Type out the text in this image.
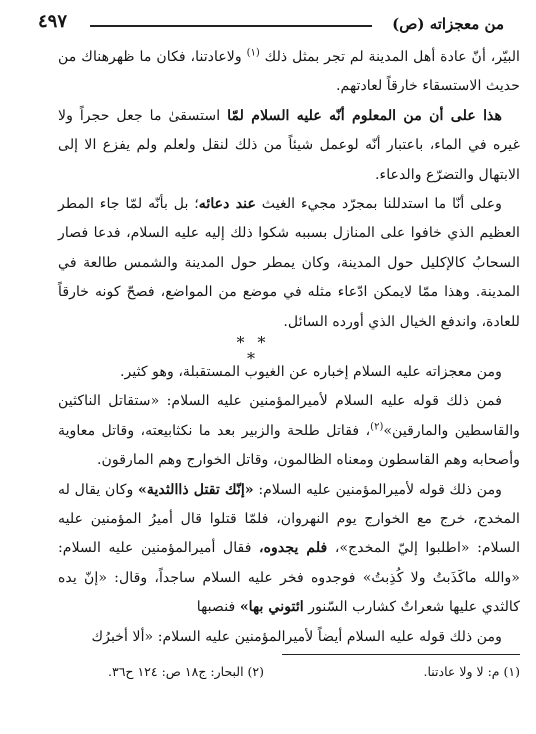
من معجزاته (ص)
٤٩٧

البيّر، أنّ عادة أهل المدينة لم تجر بمثل ذلك $^{(١)}$ ولاعادتنا، فكان ما ظهرهناك من حديث الاستسقاء خارقاً لعادتهم.

هذا على أن من المعلوم أنّه عليه السلام لمّا استسقىٰ ما جعل حجراً ولا غيره في الماء، باعتبار أنّه لوعمل شيئاً من ذلك لنقل ولعلم ولم يفزع الا إلى الابتهال والتضرّع والدعاء.

وعلى أنّا ما استدللنا بمجرّد مجيء الغيث عند دعائه؛ بل بأنّه لمّا جاء المطر العظيم الذي خافوا على المنازل بسببه شكوا ذلك إليه عليه السلام، فدعا فصار السحابُ كالإكليل حول المدينة، وكان يمطر حول المدينة والشمس طالعة في المدينة. وهذا ممّا لايمكن ادّعاء مثله في موضع من المواضع، فصحّ كونه خارقاً للعادة، واندفع الخيال الذي أورده السائل.

* * *

ومن معجزاته عليه السلام إخباره عن الغيوب المستقبلة، وهو كثير.

فمن ذلك قوله عليه السلام لأميرالمؤمنين عليه السلام: «ستقاتل الناكثين والقاسطين والمارقين»$^{(٢)}$، فقاتل طلحة والزبير بعد ما نكثابيعته، وقاتل معاوية وأصحابه وهم القاسطون ومعناه الظالمون، وقاتل الخوارج وهم المارقون.

ومن ذلك قوله لأميرالمؤمنين عليه السلام: «إنّك تقتل ذاالثدية» وكان يقال له المخدج، خرج مع الخوارج يوم النهروان، فلمّا قتلوا قال أميرُ المؤمنين عليه السلام: «اطلبوا إليّ المخدج»، فلم يجدوه، فقال أميرالمؤمنين عليه السلام: «والله ماكَذَبتُ ولا كُذِبتُ» فوجدوه فخر عليه السلام ساجداً، وقال: «إنّ يده كالثدي عليها شعراتٌ كشارب السّنور ائتوني بها» فنصبها

ومن ذلك قوله عليه السلام أيضاً لأميرالمؤمنين عليه السلام: «ألا أخبرُك

(١) م: لا ولا عادتنا.
(٢) البحار: ج١٨ ص: ١٢٤ ح٣٦.
